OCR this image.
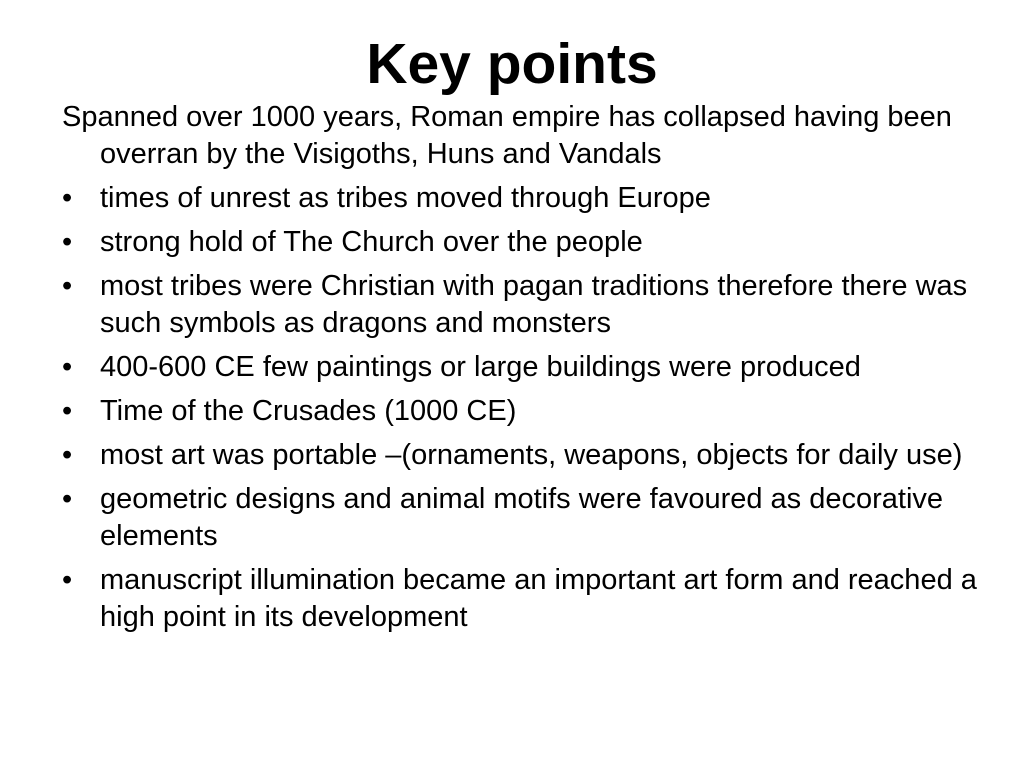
Key points

Spanned over 1000 years, Roman empire has collapsed having been overran by the Visigoths, Huns and Vandals

• times of unrest as tribes moved through Europe
• strong hold of The Church over the people
• most tribes were Christian with pagan traditions therefore there was such symbols as dragons and monsters
• 400-600 CE few paintings or large buildings were produced
• Time of the Crusades (1000 CE)
• most art was portable –(ornaments, weapons, objects for daily use)
• geometric designs and animal motifs were favoured as decorative elements
• manuscript illumination became an important art form and reached a high point in its development
